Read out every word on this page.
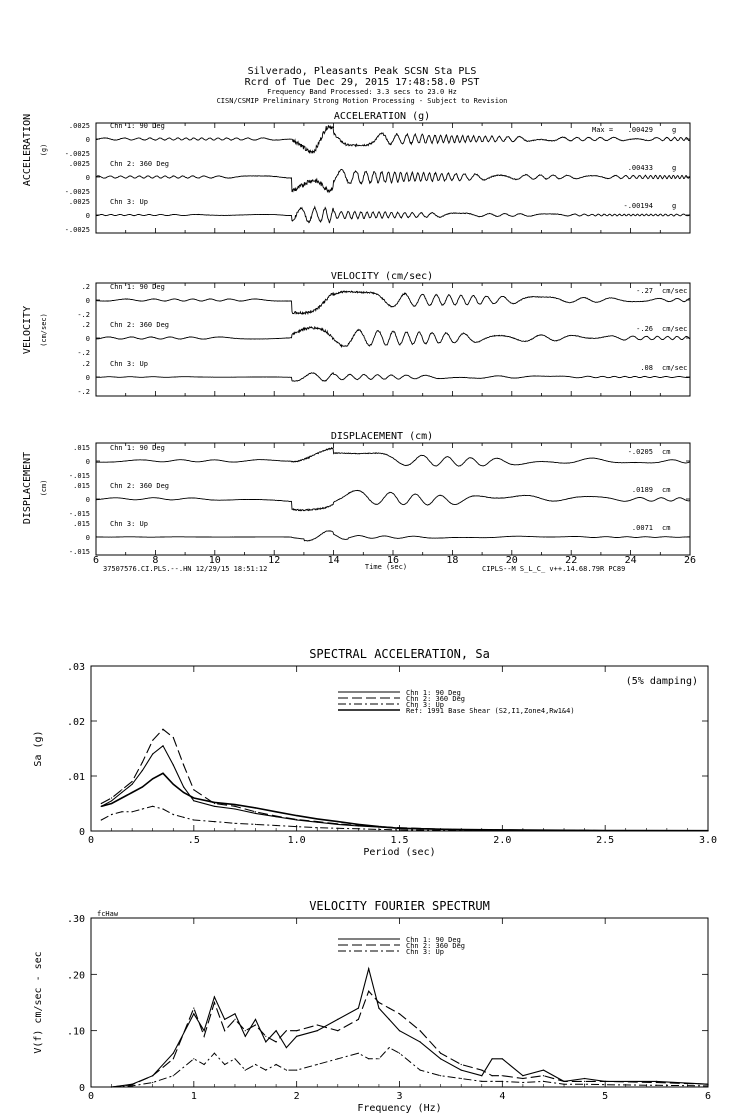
Silverado, Pleasants Peak SCSN Sta PLS
Rcrd of Tue Dec 29, 2015 17:48:58.0 PST
Frequency Band Processed: 3.3 secs to 23.0 Hz
CISN/CSMIP Preliminary Strong Motion Processing - Subject to Revision
ACCELERATION (g)
ACCELERATION (g)
.0025
0
-.0025
Chn 1: 90 Deg	Max = .00429	g
.0025
0
-.0025
Chn 2: 360 Deg	.00433	g
.0025
0
-.0025
Chn 3: Up	-.00194	g
VELOCITY (cm/sec)
VELOCITY (cm/sec)
.2
0
-.2
Chn 1: 90 Deg	-.27 cm/sec
.2
0
-.2
Chn 2: 360 Deg	-.26 cm/sec
.2
0
-.2
Chn 3: Up	.08 cm/sec
DISPLACEMENT (cm)
DISPLACEMENT (cm)
.015
0
-.015
Chn 1: 90 Deg	-.0205 cm
.015
0
-.015
Chn 2: 360 Deg	.0189 cm
.015
0
-.015
Chn 3: Up	.0071 cm
6	8	10	12	14	16	18	20	22	24	26
Time (sec)
37507576.CI.PLS.--.HN 12/29/15 18:51:12	CIPLS--M S_L_C_ v++.14.68.79R PC89
SPECTRAL ACCELERATION, Sa
Period (sec)
Sa (g)
0	.5	1.0	1.5	2.0	2.5	3.0
0
.01
.02
.03
(5% damping)
Chn 1: 90 Deg
Chn 2: 360 Deg
Chn 3: Up
Ref: 1991 Base Shear (S2,I1,Zone4,Rw1&4)
VELOCITY FOURIER SPECTRUM
Frequency (Hz)
V(f) cm/sec - sec
0	1	2	3	4	5	6
0
.10
.20
.30 fcHaw
Chn 1: 90 Deg
Chn 2: 360 Deg
Chn 3: Up
